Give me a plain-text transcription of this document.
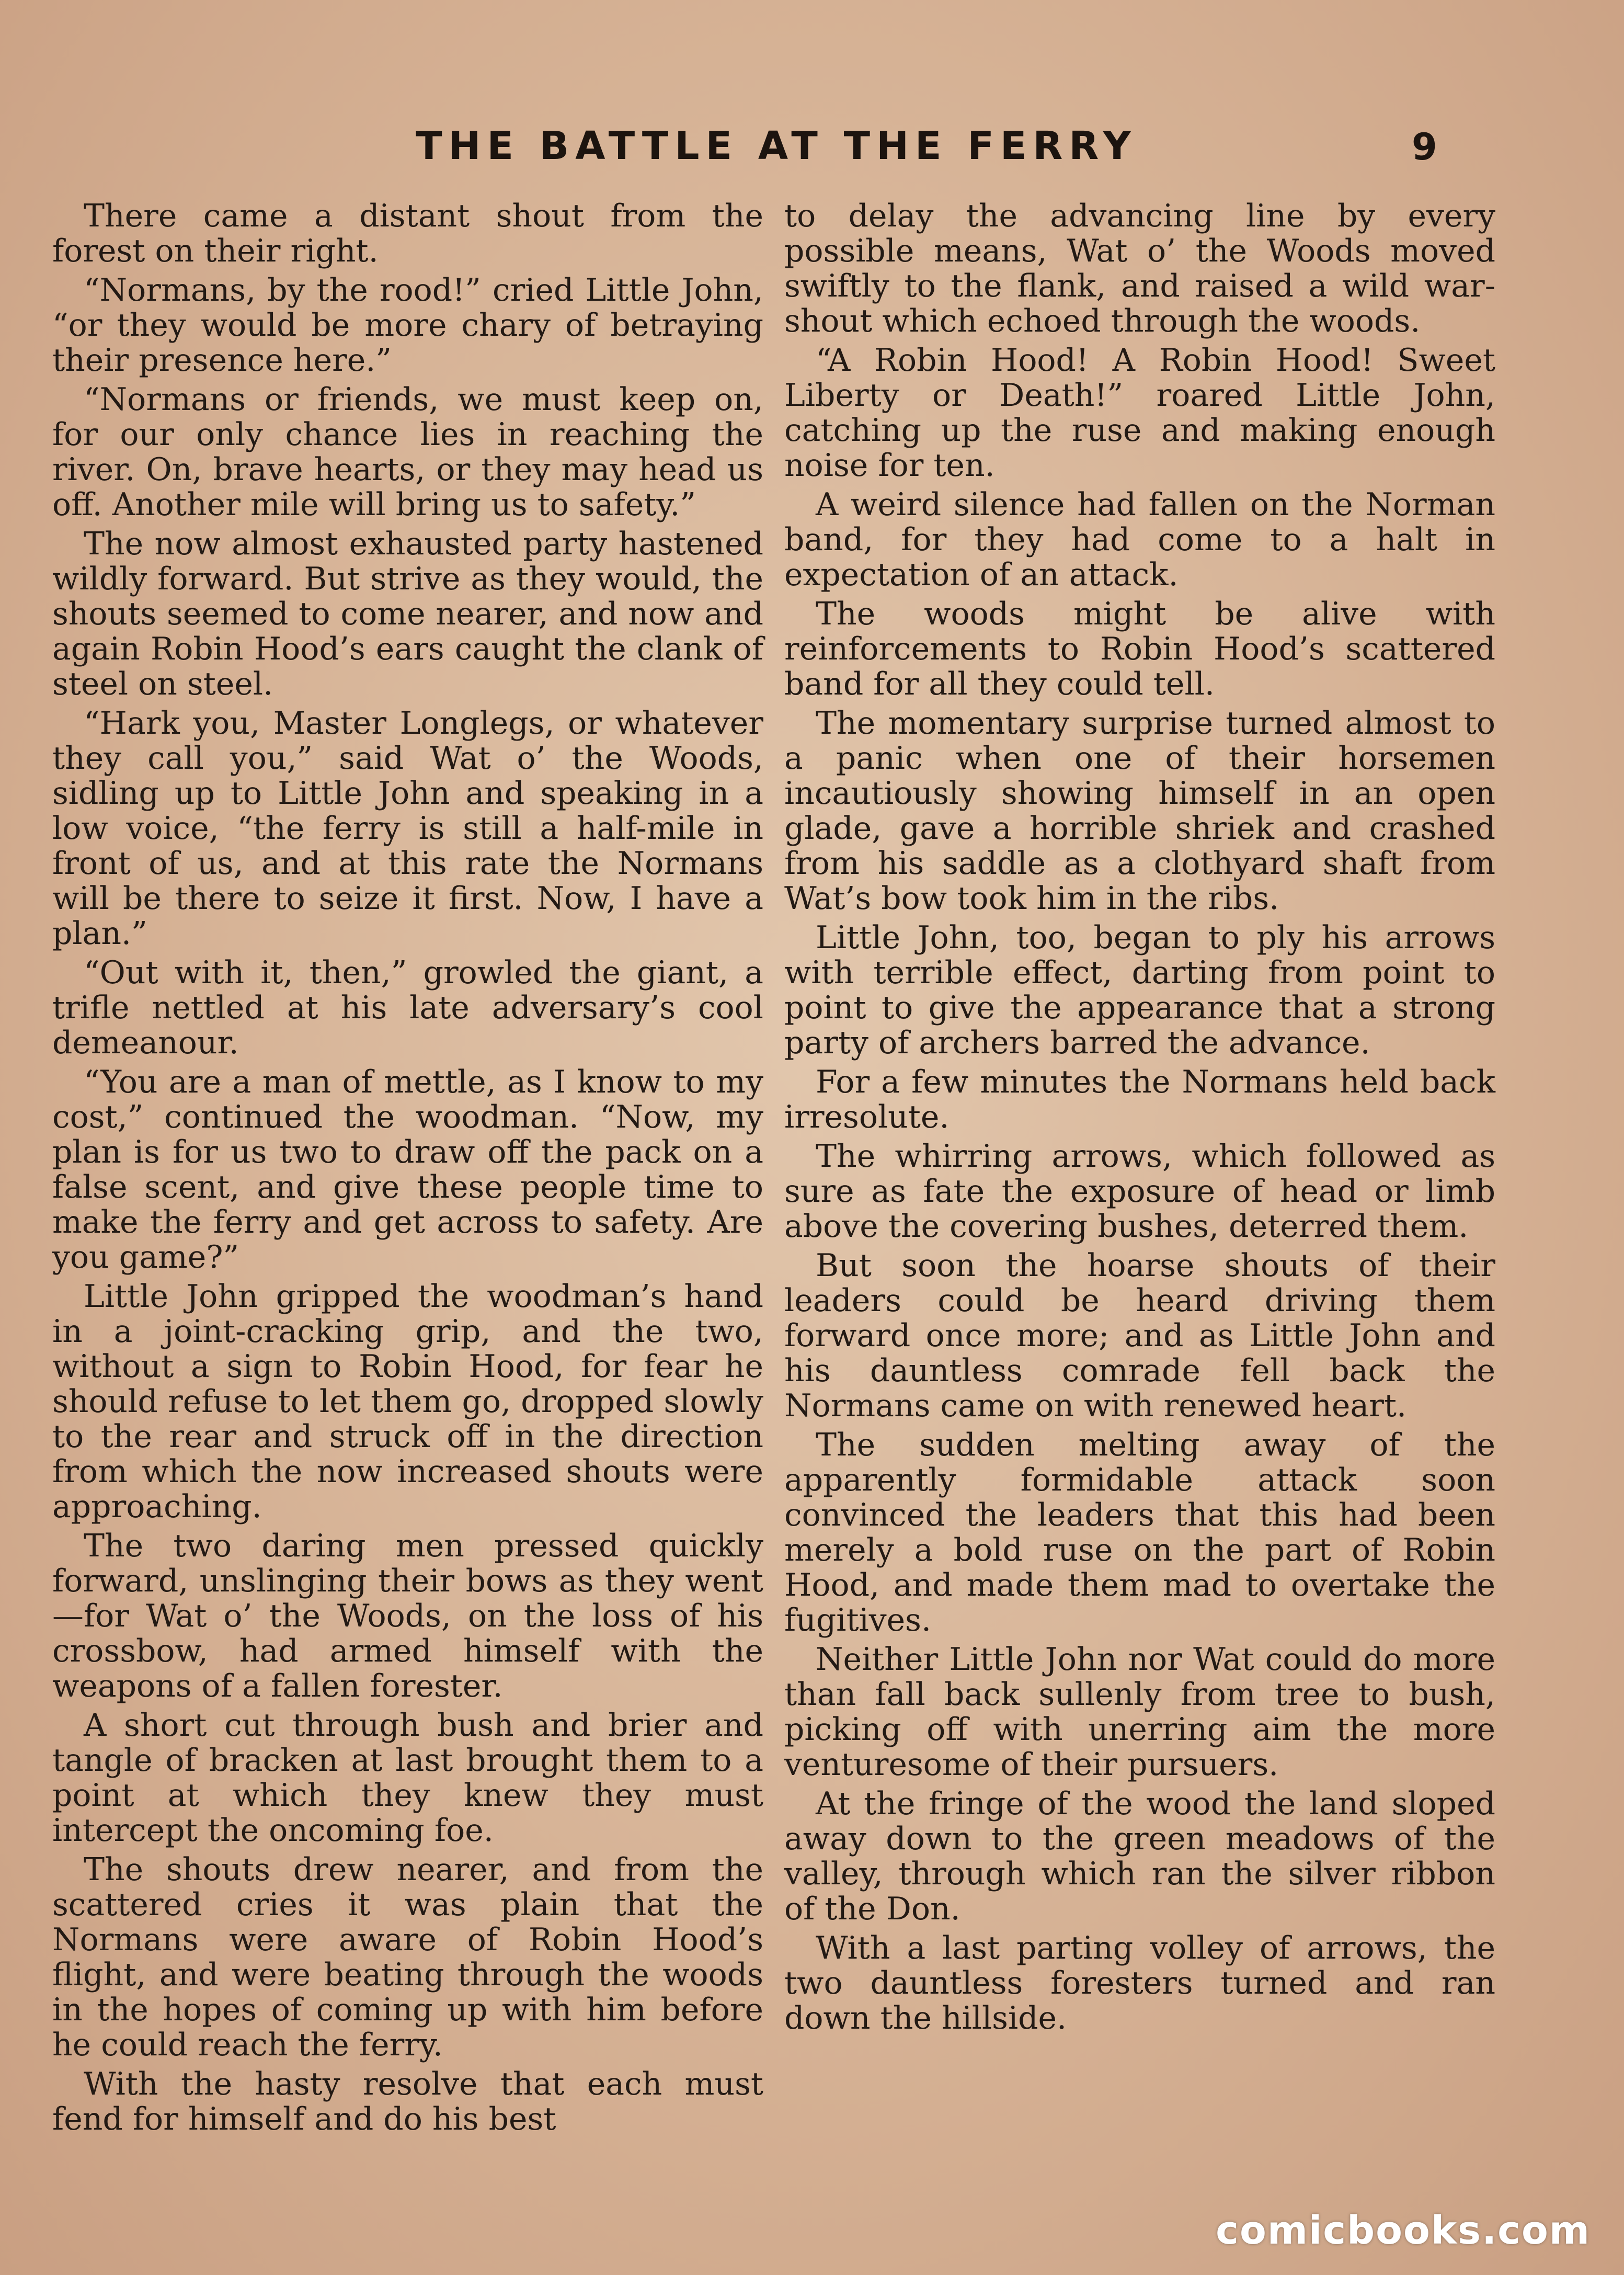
THE BATTLE AT THE FERRY	9

There came a distant shout from the forest on their right.

“Normans, by the rood!” cried Little John, “or they would be more chary of betraying their presence here.”

“Normans or friends, we must keep on, for our only chance lies in reaching the river. On, brave hearts, or they may head us off. Another mile will bring us to safety.”

The now almost exhausted party hastened wildly forward. But strive as they would, the shouts seemed to come nearer, and now and again Robin Hood’s ears caught the clank of steel on steel.

“Hark you, Master Longlegs, or whatever they call you,” said Wat o’ the Woods, sidling up to Little John and speaking in a low voice, “the ferry is still a half-mile in front of us, and at this rate the Normans will be there to seize it first. Now, I have a plan.”

“Out with it, then,” growled the giant, a trifle nettled at his late adversary’s cool demeanour.

“You are a man of mettle, as I know to my cost,” continued the woodman. “Now, my plan is for us two to draw off the pack on a false scent, and give these people time to make the ferry and get across to safety. Are you game?”

Little John gripped the woodman’s hand in a joint-cracking grip, and the two, without a sign to Robin Hood, for fear he should refuse to let them go, dropped slowly to the rear and struck off in the direction from which the now increased shouts were approaching.

The two daring men pressed quickly forward, unslinging their bows as they went—for Wat o’ the Woods, on the loss of his crossbow, had armed himself with the weapons of a fallen forester.

A short cut through bush and brier and tangle of bracken at last brought them to a point at which they knew they must intercept the oncoming foe.

The shouts drew nearer, and from the scattered cries it was plain that the Normans were aware of Robin Hood’s flight, and were beating through the woods in the hopes of coming up with him before he could reach the ferry.

With the hasty resolve that each must fend for himself and do his best

to delay the advancing line by every possible means, Wat o’ the Woods moved swiftly to the flank, and raised a wild war-shout which echoed through the woods.

“A Robin Hood! A Robin Hood! Sweet Liberty or Death!” roared Little John, catching up the ruse and making enough noise for ten.

A weird silence had fallen on the Norman band, for they had come to a halt in expectation of an attack.

The woods might be alive with reinforcements to Robin Hood’s scattered band for all they could tell.

The momentary surprise turned almost to a panic when one of their horsemen incautiously showing himself in an open glade, gave a horrible shriek and crashed from his saddle as a clothyard shaft from Wat’s bow took him in the ribs.

Little John, too, began to ply his arrows with terrible effect, darting from point to point to give the appearance that a strong party of archers barred the advance.

For a few minutes the Normans held back irresolute.

The whirring arrows, which followed as sure as fate the exposure of head or limb above the covering bushes, deterred them.

But soon the hoarse shouts of their leaders could be heard driving them forward once more; and as Little John and his dauntless comrade fell back the Normans came on with renewed heart.

The sudden melting away of the apparently formidable attack soon convinced the leaders that this had been merely a bold ruse on the part of Robin Hood, and made them mad to overtake the fugitives.

Neither Little John nor Wat could do more than fall back sullenly from tree to bush, picking off with unerring aim the more venturesome of their pursuers.

At the fringe of the wood the land sloped away down to the green meadows of the valley, through which ran the silver ribbon of the Don.

With a last parting volley of arrows, the two dauntless foresters turned and ran down the hillside.

comicbooks.com
